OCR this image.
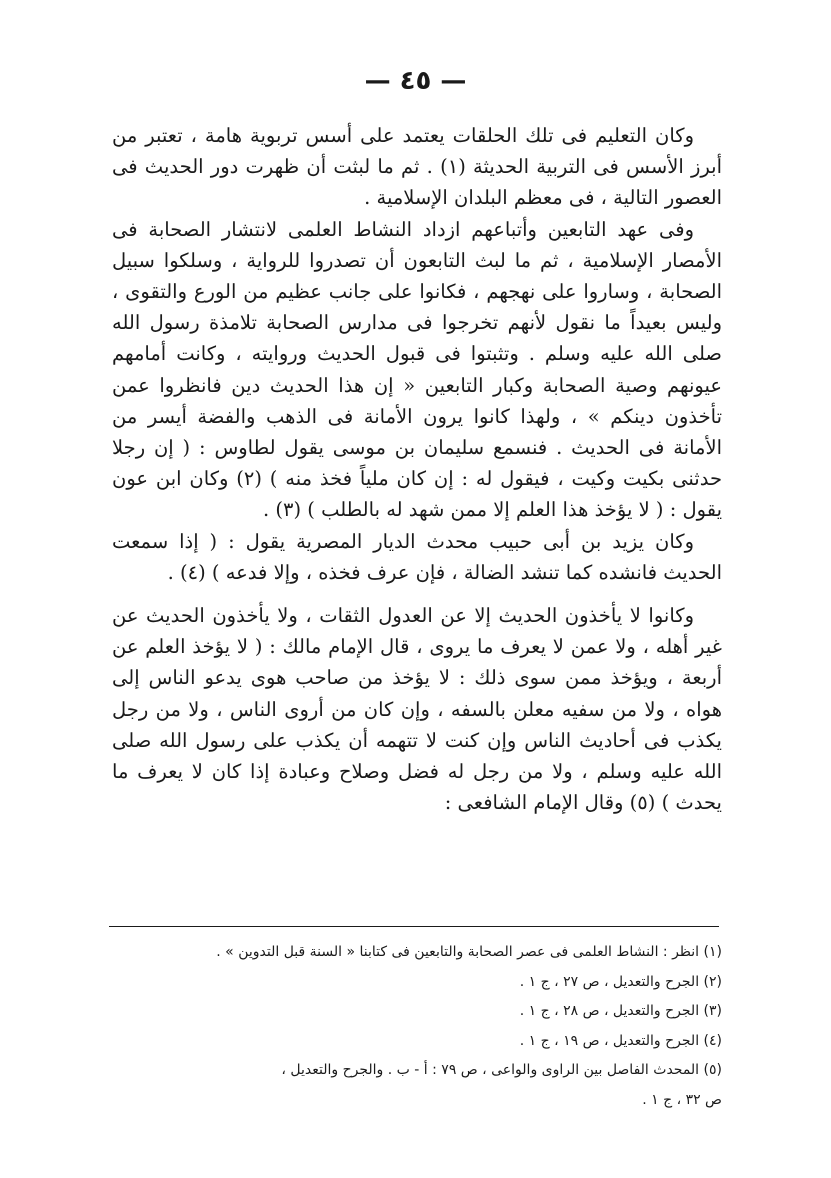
— ٤٥ —

وكان التعليم فى تلك الحلقات يعتمد على أسس تربوية هامة ، تعتبر من أبرز الأسس فى التربية الحديثة (١) . ثم ما لبثت أن ظهرت دور الحديث فى العصور التالية ، فى معظم البلدان الإسلامية .

وفى عهد التابعين وأتباعهم ازداد النشاط العلمى لانتشار الصحابة فى الأمصار الإسلامية ، ثم ما لبث التابعون أن تصدروا للرواية ، وسلكوا سبيل الصحابة ، وساروا على نهجهم ، فكانوا على جانب عظيم من الورع والتقوى ، وليس بعيداً ما نقول لأنهم تخرجوا فى مدارس الصحابة تلامذة رسول الله صلى الله عليه وسلم . وتثبتوا فى قبول الحديث وروايته ، وكانت أمامهم عيونهم وصية الصحابة وكبار التابعين « إن هذا الحديث دين فانظروا عمن تأخذون دينكم » ، ولهذا كانوا يرون الأمانة فى الذهب والفضة أيسر من الأمانة فى الحديث . فنسمع سليمان بن موسى يقول لطاوس : ( إن رجلا حدثنى بكيت وكيت ، فيقول له : إن كان ملياً فخذ منه ) (٢) وكان ابن عون يقول : ( لا يؤخذ هذا العلم إلا ممن شهد له بالطلب ) (٣) .

وكان يزيد بن أبى حبيب محدث الديار المصرية يقول : ( إذا سمعت الحديث فانشده كما تنشد الضالة ، فإن عرف فخذه ، وإلا فدعه ) (٤) .

وكانوا لا يأخذون الحديث إلا عن العدول الثقات ، ولا يأخذون الحديث عن غير أهله ، ولا عمن لا يعرف ما يروى ، قال الإمام مالك : ( لا يؤخذ العلم عن أربعة ، ويؤخذ ممن سوى ذلك : لا يؤخذ من صاحب هوى يدعو الناس إلى هواه ، ولا من سفيه معلن بالسفه ، وإن كان من أروى الناس ، ولا من رجل يكذب فى أحاديث الناس وإن كنت لا تتهمه أن يكذب على رسول الله صلى الله عليه وسلم ، ولا من رجل له فضل وصلاح وعبادة إذا كان لا يعرف ما يحدث ) (٥) وقال الإمام الشافعى :

(١) انظر : النشاط العلمى فى عصر الصحابة والتابعين فى كتابنا « السنة قبل التدوين » .

(٢) الجرح والتعديل ، ص ٢٧ ، ج ١ .

(٣) الجرح والتعديل ، ص ٢٨ ، ج ١ .

(٤) الجرح والتعديل ، ص ١٩ ، ج ١ .

(٥) المحدث الفاصل بين الراوى والواعى ، ص ٧٩ : أ - ب . والجرح والتعديل ،

ص ٣٢ ، ج ١ .
